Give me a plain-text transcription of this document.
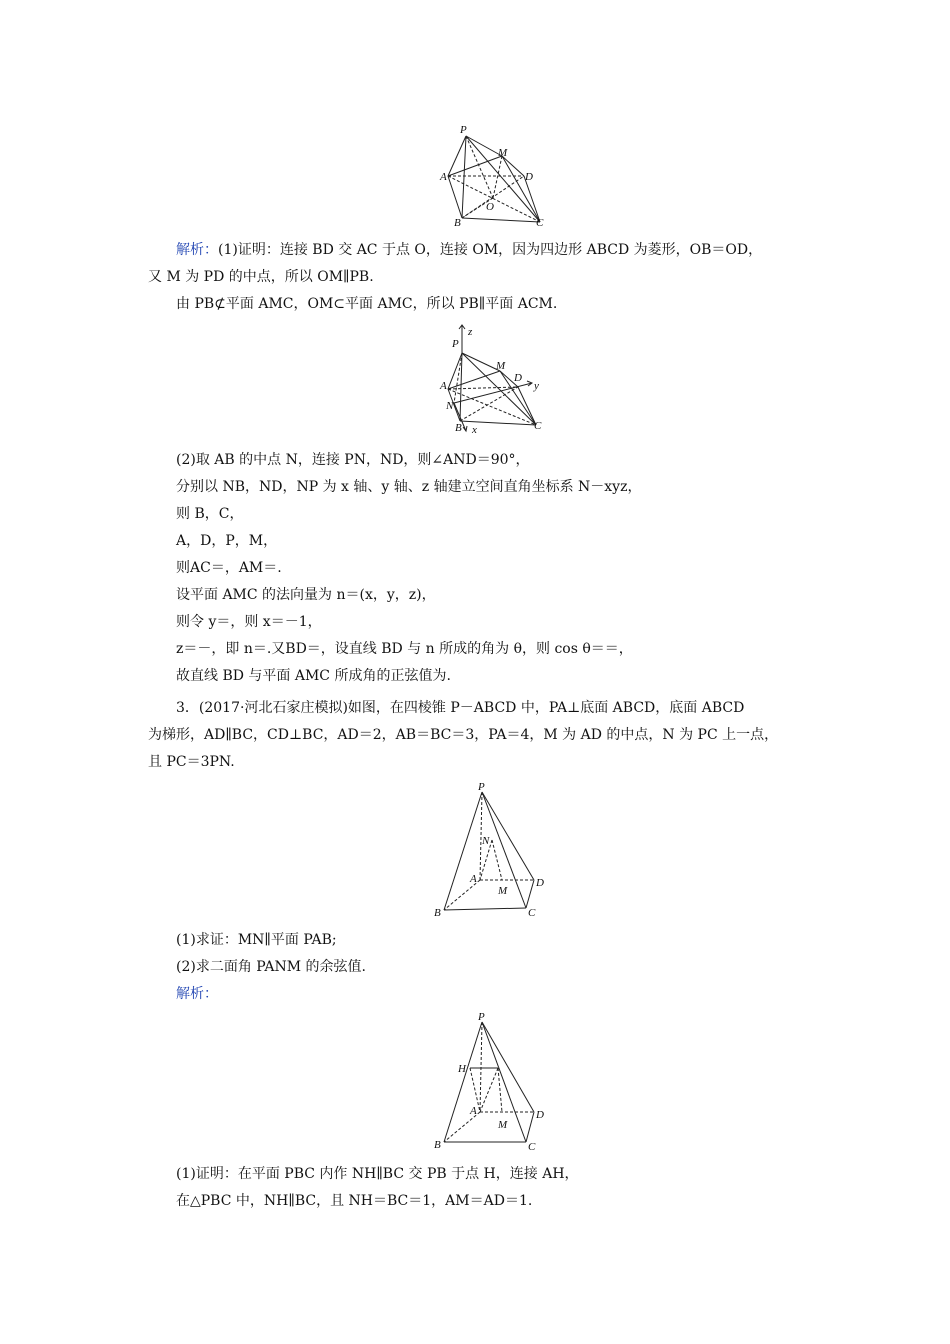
P
M
A	D
O
B	C
解析：(1)证明：连接 BD 交 AC 于点 O，连接 OM，因为四边形 ABCD 为菱形，OB＝OD，
又 M 为 PD 的中点，所以 OM∥PB.
由 PB⊄平面 AMC，OM⊂平面 AMC，所以 PB∥平面 ACM.
z
P
M
D
y
A
N
B x	C
(2)取 AB 的中点 N，连接 PN，ND，则∠AND＝90°，
分别以 NB，ND，NP 为 x 轴、y 轴、z 轴建立空间直角坐标系 N－xyz，
则 B，C，
A，D，P，M，
则AC＝，AM＝.
设平面 AMC 的法向量为 n＝(x，y，z)，
则令 y＝，则 x＝－1，
z＝－，即 n＝.又BD＝，设直线 BD 与 n 所成的角为 θ，则 cos θ＝＝，
故直线 BD 与平面 AMC 所成角的正弦值为.
3．(2017·河北石家庄模拟)如图，在四棱锥 P－ABCD 中，PA⊥底面 ABCD，底面 ABCD
为梯形，AD∥BC，CD⊥BC，AD＝2，AB＝BC＝3，PA＝4，M 为 AD 的中点，N 为 PC 上一点，
且 PC＝3PN.
P
N
A
M
D
B	C
(1)求证：MN∥平面 PAB;
(2)求二面角 PANM 的余弦值.
解析：
P
H
A
M
D
B	C
(1)证明：在平面 PBC 内作 NH∥BC 交 PB 于点 H，连接 AH，
在△PBC 中，NH∥BC，且 NH＝BC＝1，AM＝AD＝1.
